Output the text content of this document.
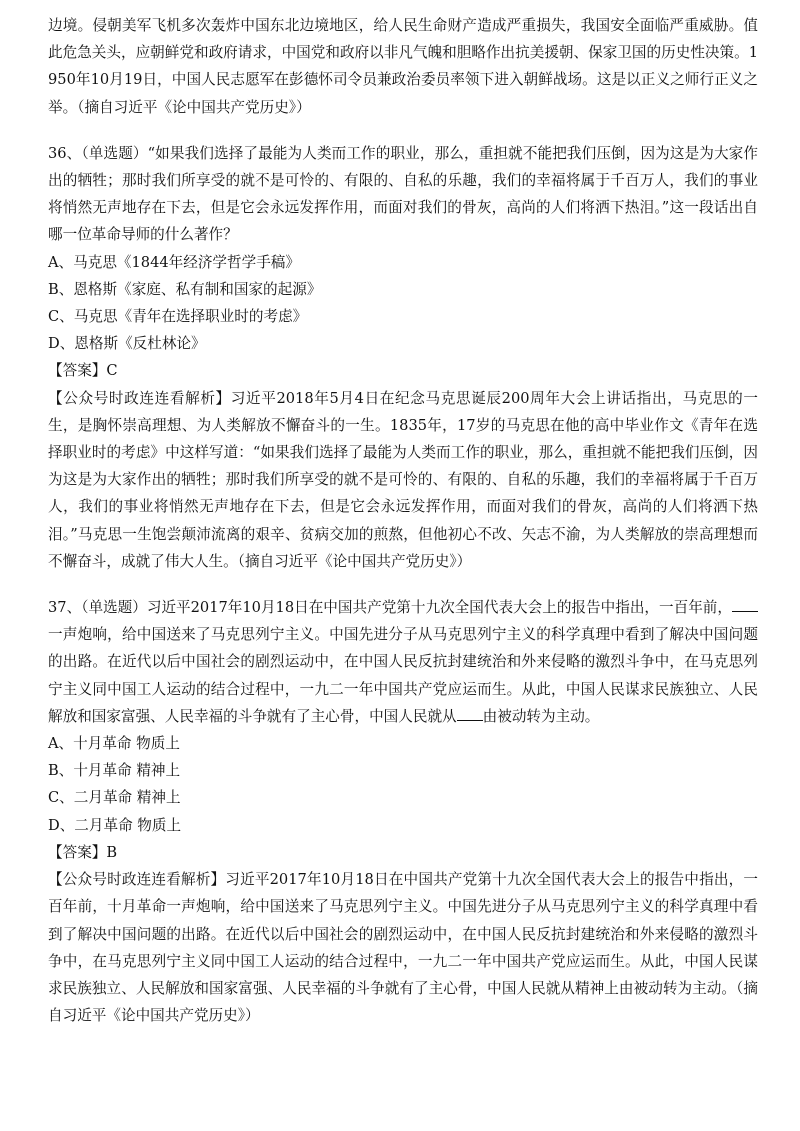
边境。侵朝美军飞机多次轰炸中国东北边境地区，给人民生命财产造成严重损失，我国安全面临严重威胁。值此危急关头，应朝鲜党和政府请求，中国党和政府以非凡气魄和胆略作出抗美援朝、保家卫国的历史性决策。1950年10月19日，中国人民志愿军在彭德怀司令员兼政治委员率领下进入朝鲜战场。这是以正义之师行正义之举。（摘自习近平《论中国共产党历史》）

36、（单选题）“如果我们选择了最能为人类而工作的职业，那么，重担就不能把我们压倒，因为这是为大家作出的牺牲；那时我们所享受的就不是可怜的、有限的、自私的乐趣，我们的幸福将属于千百万人，我们的事业将悄然无声地存在下去，但是它会永远发挥作用，而面对我们的骨灰，高尚的人们将洒下热泪。”这一段话出自哪一位革命导师的什么著作？

A、马克思《1844年经济学哲学手稿》

B、恩格斯《家庭、私有制和国家的起源》

C、马克思《青年在选择职业时的考虑》

D、恩格斯《反杜林论》

【答案】C

【公众号时政连连看解析】习近平2018年5月4日在纪念马克思诞辰200周年大会上讲话指出，马克思的一生，是胸怀崇高理想、为人类解放不懈奋斗的一生。1835年，17岁的马克思在他的高中毕业作文《青年在选择职业时的考虑》中这样写道：“如果我们选择了最能为人类而工作的职业，那么，重担就不能把我们压倒，因为这是为大家作出的牺牲；那时我们所享受的就不是可怜的、有限的、自私的乐趣，我们的幸福将属于千百万人，我们的事业将悄然无声地存在下去，但是它会永远发挥作用，而面对我们的骨灰，高尚的人们将洒下热泪。”马克思一生饱尝颠沛流离的艰辛、贫病交加的煎熬，但他初心不改、矢志不渝，为人类解放的崇高理想而不懈奋斗，成就了伟大人生。（摘自习近平《论中国共产党历史》）

37、（单选题）习近平2017年10月18日在中国共产党第十九次全国代表大会上的报告中指出，一百年前，一声炮响，给中国送来了马克思列宁主义。中国先进分子从马克思列宁主义的科学真理中看到了解决中国问题的出路。在近代以后中国社会的剧烈运动中，在中国人民反抗封建统治和外来侵略的激烈斗争中，在马克思列宁主义同中国工人运动的结合过程中，一九二一年中国共产党应运而生。从此，中国人民谋求民族独立、人民解放和国家富强、人民幸福的斗争就有了主心骨，中国人民就从 由被动转为主动。

A、十月革命 物质上

B、十月革命 精神上

C、二月革命 精神上

D、二月革命 物质上

【答案】B

【公众号时政连连看解析】习近平2017年10月18日在中国共产党第十九次全国代表大会上的报告中指出，一百年前，十月革命一声炮响，给中国送来了马克思列宁主义。中国先进分子从马克思列宁主义的科学真理中看到了解决中国问题的出路。在近代以后中国社会的剧烈运动中，在中国人民反抗封建统治和外来侵略的激烈斗争中，在马克思列宁主义同中国工人运动的结合过程中，一九二一年中国共产党应运而生。从此，中国人民谋求民族独立、人民解放和国家富强、人民幸福的斗争就有了主心骨，中国人民就从精神上由被动转为主动。（摘自习近平《论中国共产党历史》）
